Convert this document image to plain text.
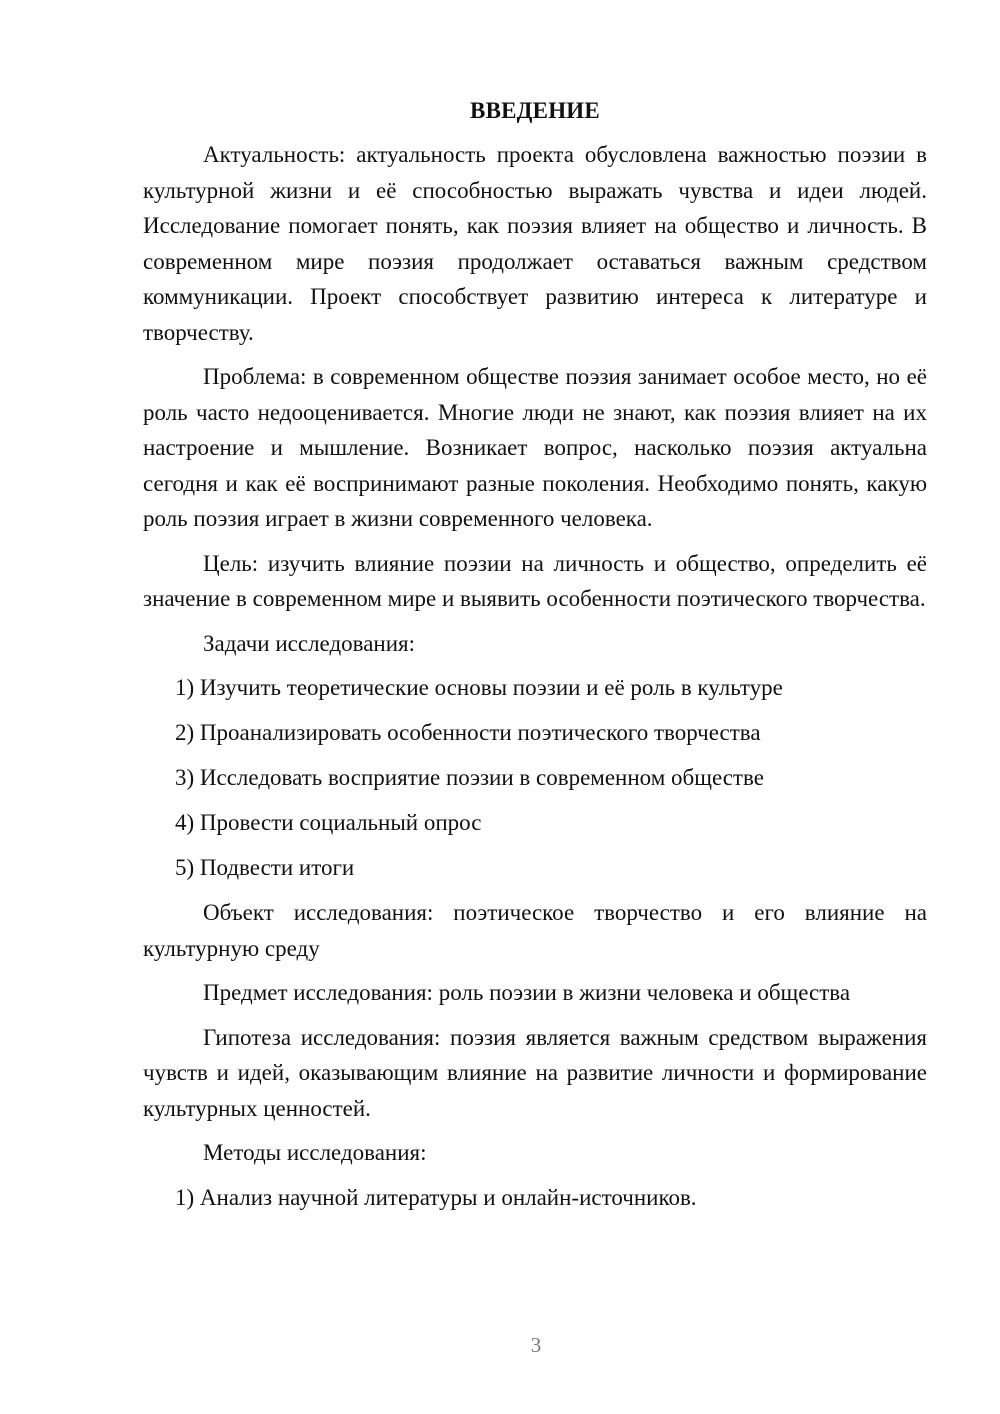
ВВЕДЕНИЕ

Актуальность: актуальность проекта обусловлена важностью поэзии в культурной жизни и её способностью выражать чувства и идеи людей. Исследование помогает понять, как поэзия влияет на общество и личность. В современном мире поэзия продолжает оставаться важным средством коммуникации. Проект способствует развитию интереса к литературе и творчеству.

Проблема: в современном обществе поэзия занимает особое место, но её роль часто недооценивается. Многие люди не знают, как поэзия влияет на их настроение и мышление. Возникает вопрос, насколько поэзия актуальна сегодня и как её воспринимают разные поколения. Необходимо понять, какую роль поэзия играет в жизни современного человека.

Цель: изучить влияние поэзии на личность и общество, определить её значение в современном мире и выявить особенности поэтического творчества.

Задачи исследования:

1) Изучить теоретические основы поэзии и её роль в культуре
2) Проанализировать особенности поэтического творчества
3) Исследовать восприятие поэзии в современном обществе
4) Провести социальный опрос
5) Подвести итоги

Объект исследования: поэтическое творчество и его влияние на культурную среду

Предмет исследования: роль поэзии в жизни человека и общества

Гипотеза исследования: поэзия является важным средством выражения чувств и идей, оказывающим влияние на развитие личности и формирование культурных ценностей.

Методы исследования:

1) Анализ научной литературы и онлайн-источников.
3
